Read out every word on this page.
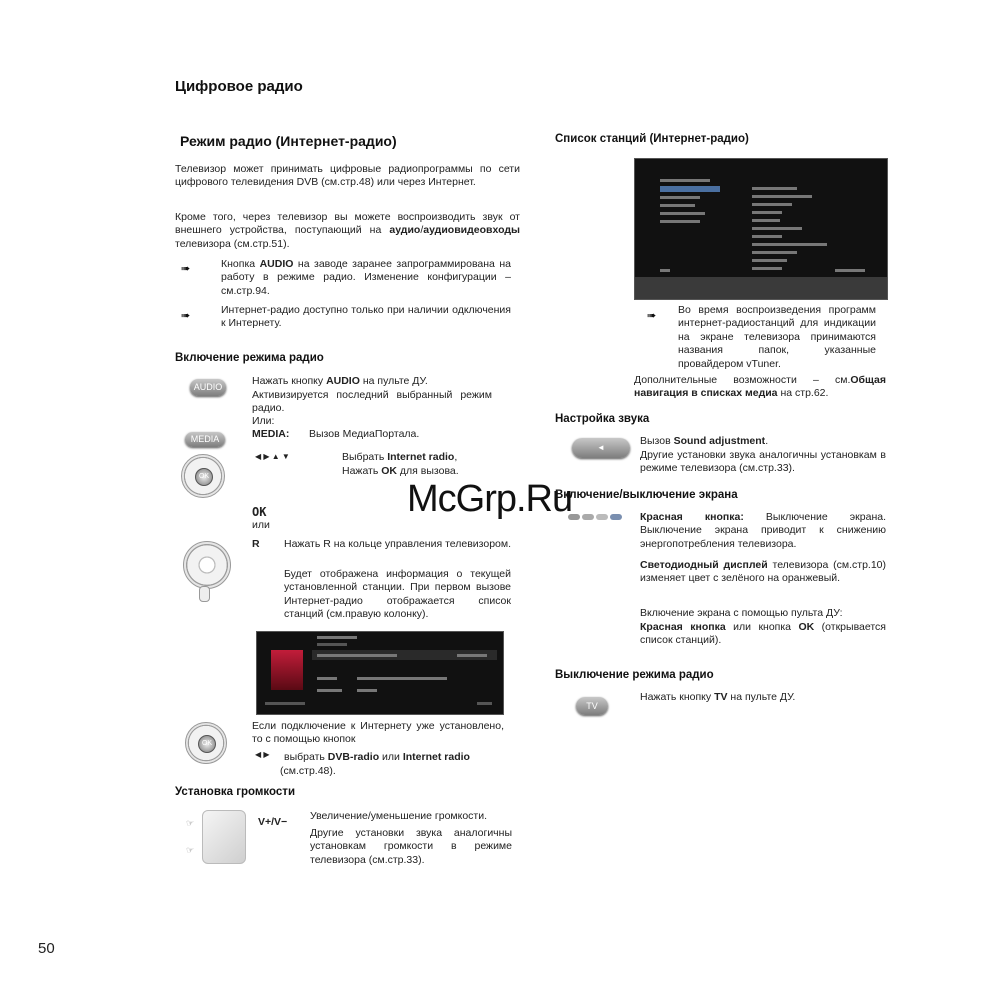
Цифровое радио
Режим радио (Интернет-радио)
Телевизор может принимать цифровые радиопрограммы по сети цифрового телевидения DVB (см.стр.48) или через Интернет.
Кроме того, через телевизор вы можете воспроизводить звук от внешнего устройства, поступающий на аудио/аудиовидеовходы телевизора (см.стр.51).
➠	Кнопка AUDIO на заводе заранее запрограммирована на работу в режиме радио. Изменение конфигурации – см.стр.94.
➠	Интернет-радио доступно только при наличии одключения к Интернету.
Включение режима радио
AUDIO	Нажать кнопку AUDIO на пульте ДУ.
Активизируется последний выбранный режим радио.
Или:
MEDIA: Вызов МедиаПортала.
MEDIA
OK
◀ ▶ ▲ ▼	Выбрать Internet radio,
Нажать OK для вызова.
OK
или
R Нажать R на кольце управления телевизором.
Будет отображена информация о текущей установленной станции. При первом вызове Интернет-радио отображается список станций (см.правую колонку).
OK
Если подключение к Интернету уже установлено, то с помощью кнопок
◀ ▶ выбрать DVB-radio или Internet radio
(см.стр.48).
Установка громкости
☞
☞
V+/V− Увеличение/уменьшение громкости.
Другие установки звука аналогичны установкам громкости в режиме телевизора (см.стр.33).
Список станций (Интернет-радио)
➠ Во время воспроизведения программ интернет-радиостанций для индикации на экране телевизора принимаются названия папок, указанные провайдером vTuner.
Дополнительные возможности – см.Общая навигация в списках медиа на стр.62.
Настройка звука
◄
Вызов Sound adjustment.
Другие установки звука аналогичны установкам в режиме телевизора (см.стр.33).
Включение/выключение экрана
Красная кнопка: Выключение экрана. Выключение экрана приводит к снижению энергопотребления телевизора.
Светодиодный дисплей телевизора (см.стр.10) изменяет цвет с зелёного на оранжевый.
Включение экрана с помощью пульта ДУ:
Красная кнопка или кнопка OK (открывается список станций).
Выключение режима радио
TV
Нажать кнопку TV на пульте ДУ.
McGrp.Ru
50
